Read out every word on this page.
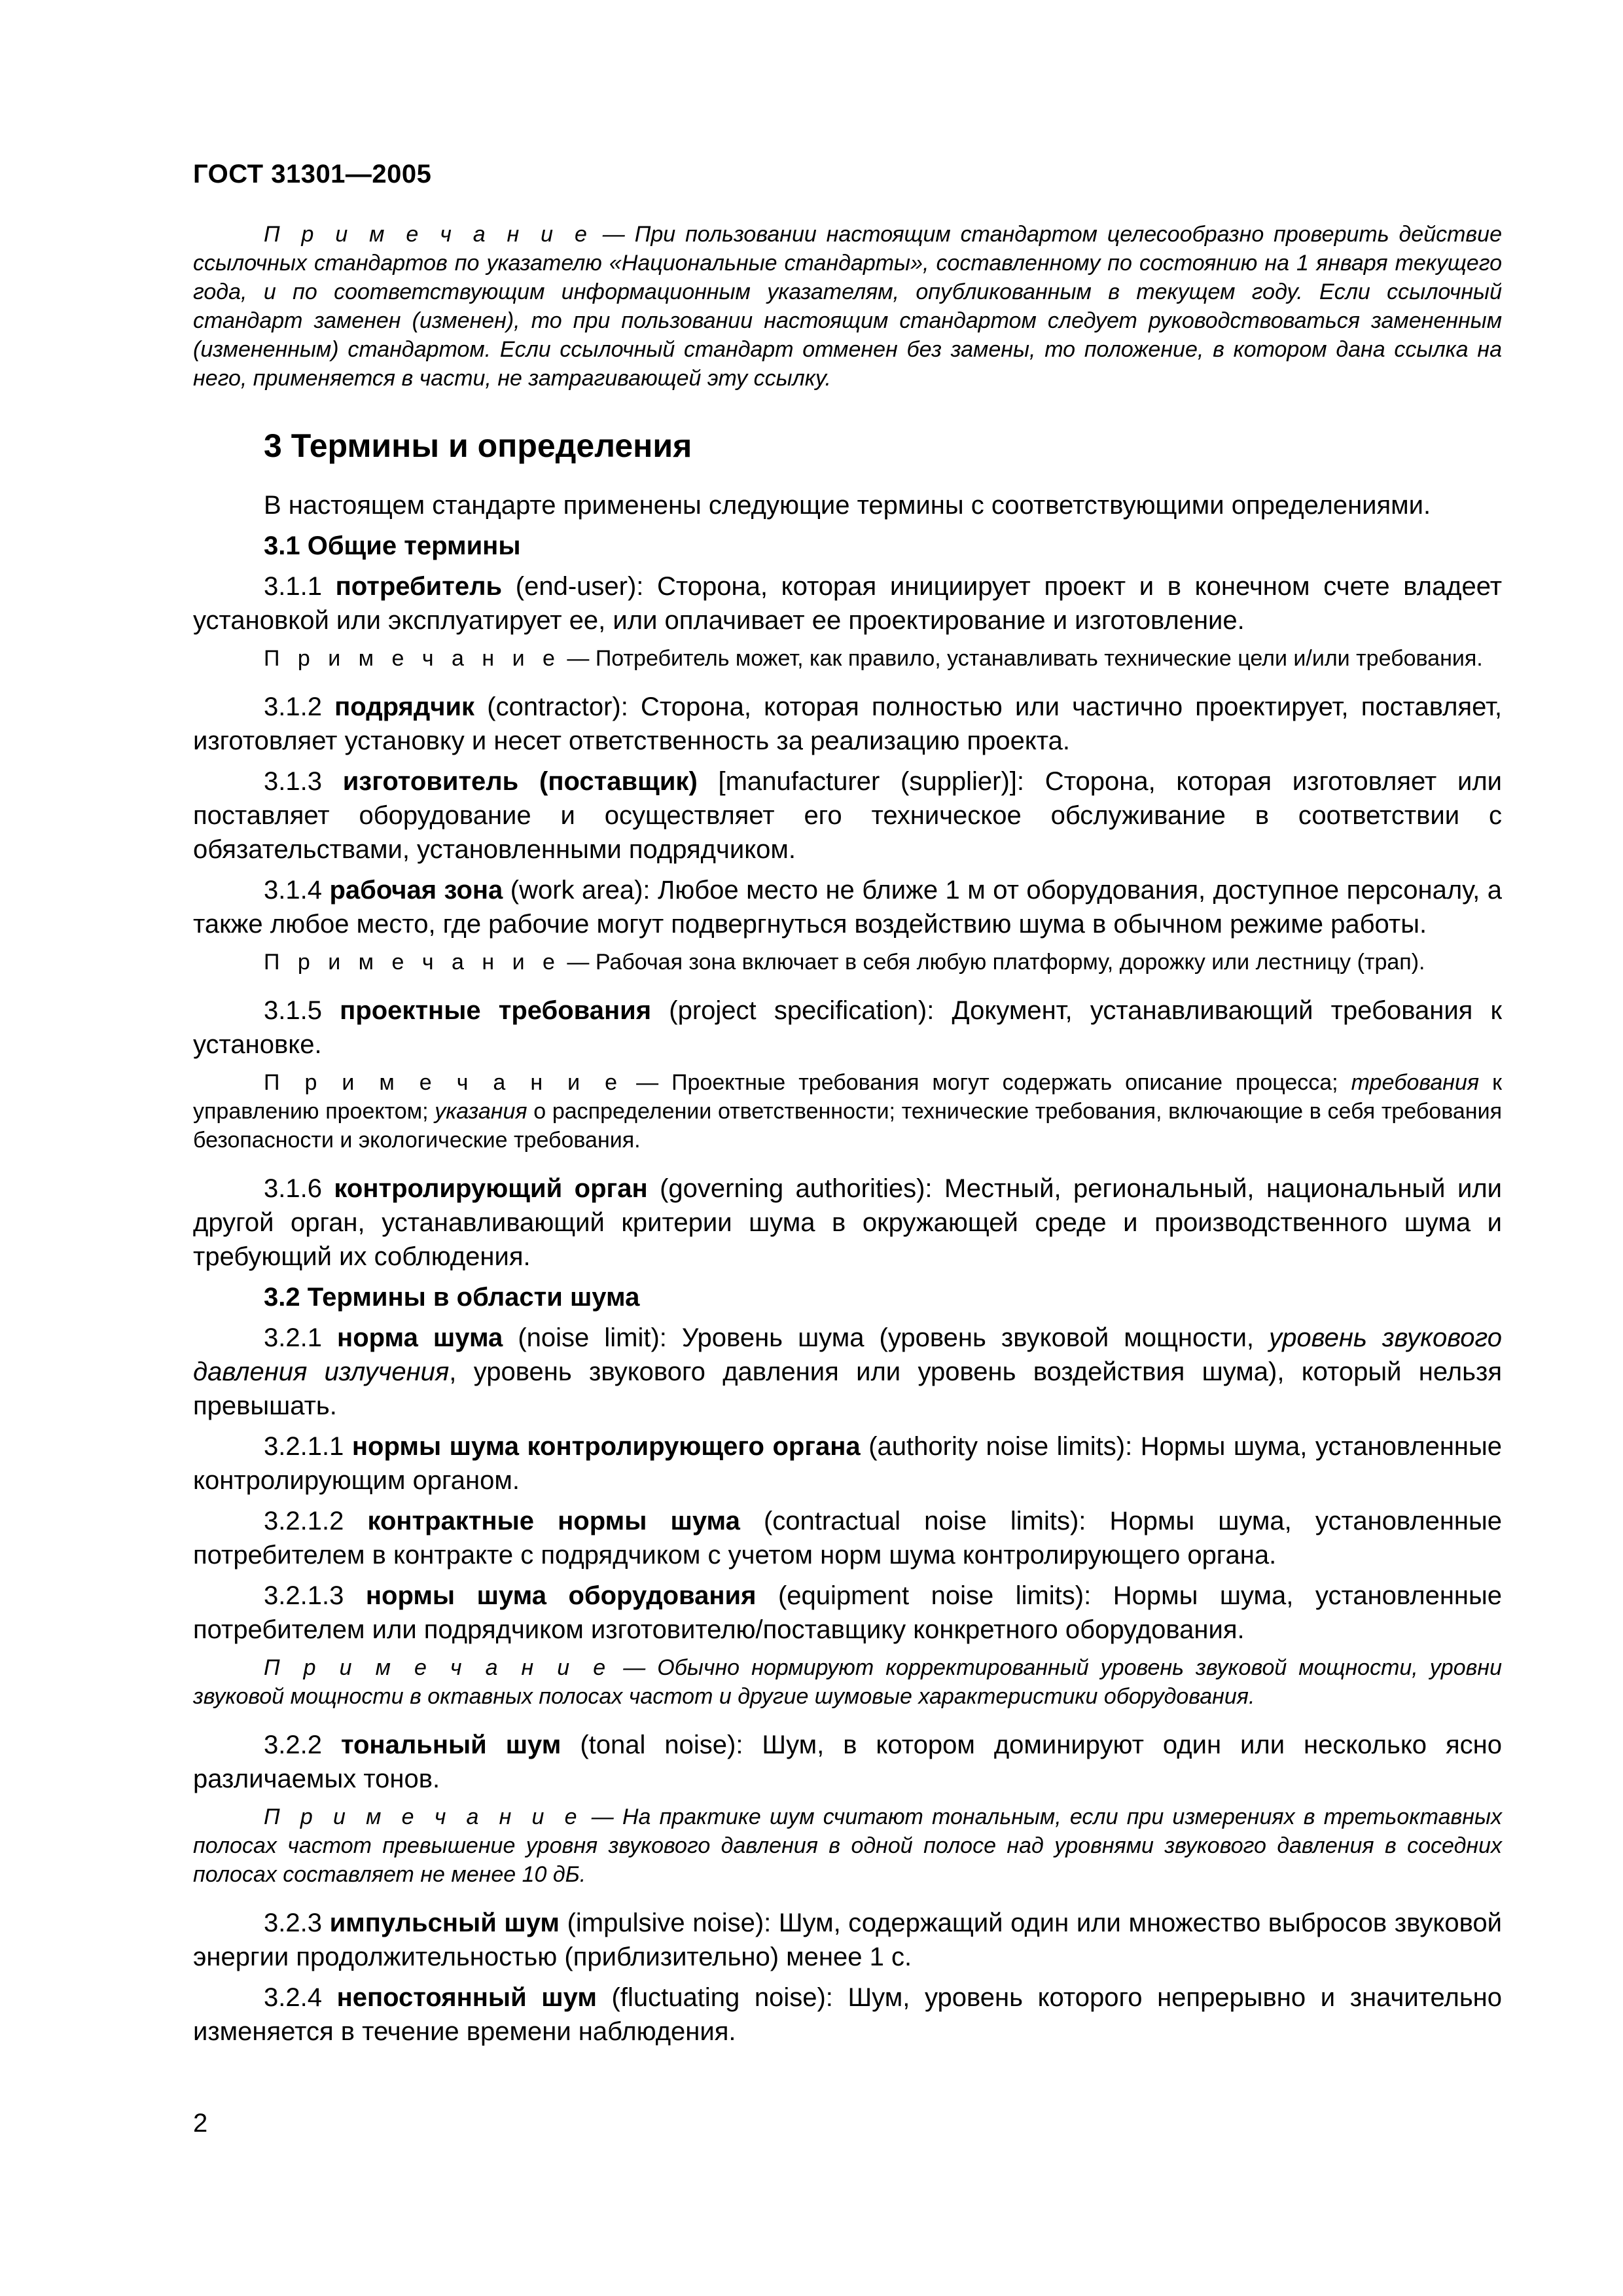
ГОСТ 31301—2005

П р и м е ч а н и е — При пользовании настоящим стандартом целесообразно проверить действие ссылочных стандартов по указателю «Национальные стандарты», составленному по состоянию на 1 января текущего года, и по соответствующим информационным указателям, опубликованным в текущем году. Если ссылочный стандарт заменен (изменен), то при пользовании настоящим стандартом следует руководствоваться замененным (измененным) стандартом. Если ссылочный стандарт отменен без замены, то положение, в котором дана ссылка на него, применяется в части, не затрагивающей эту ссылку.

3 Термины и определения

В настоящем стандарте применены следующие термины с соответствующими определениями.

3.1 Общие термины

3.1.1 потребитель (end-user): Сторона, которая инициирует проект и в конечном счете владеет установкой или эксплуатирует ее, или оплачивает ее проектирование и изготовление.

П р и м е ч а н и е — Потребитель может, как правило, устанавливать технические цели и/или требования.

3.1.2 подрядчик (contractor): Сторона, которая полностью или частично проектирует, поставляет, изготовляет установку и несет ответственность за реализацию проекта.

3.1.3 изготовитель (поставщик) [manufacturer (supplier)]: Сторона, которая изготовляет или поставляет оборудование и осуществляет его техническое обслуживание в соответствии с обязательствами, установленными подрядчиком.

3.1.4 рабочая зона (work area): Любое место не ближе 1 м от оборудования, доступное персоналу, а также любое место, где рабочие могут подвергнуться воздействию шума в обычном режиме работы.

П р и м е ч а н и е — Рабочая зона включает в себя любую платформу, дорожку или лестницу (трап).

3.1.5 проектные требования (project specification): Документ, устанавливающий требования к установке.

П р и м е ч а н и е — Проектные требования могут содержать описание процесса; требования к управлению проектом; указания о распределении ответственности; технические требования, включающие в себя требования безопасности и экологические требования.

3.1.6 контролирующий орган (governing authorities): Местный, региональный, национальный или другой орган, устанавливающий критерии шума в окружающей среде и производственного шума и требующий их соблюдения.

3.2 Термины в области шума

3.2.1 норма шума (noise limit): Уровень шума (уровень звуковой мощности, уровень звукового давления излучения, уровень звукового давления или уровень воздействия шума), который нельзя превышать.

3.2.1.1 нормы шума контролирующего органа (authority noise limits): Нормы шума, установленные контролирующим органом.

3.2.1.2 контрактные нормы шума (contractual noise limits): Нормы шума, установленные потребителем в контракте с подрядчиком с учетом норм шума контролирующего органа.

3.2.1.3 нормы шума оборудования (equipment noise limits): Нормы шума, установленные потребителем или подрядчиком изготовителю/поставщику конкретного оборудования.

П р и м е ч а н и е — Обычно нормируют корректированный уровень звуковой мощности, уровни звуковой мощности в октавных полосах частот и другие шумовые характеристики оборудования.

3.2.2 тональный шум (tonal noise): Шум, в котором доминируют один или несколько ясно различаемых тонов.

П р и м е ч а н и е — На практике шум считают тональным, если при измерениях в третьоктавных полосах частот превышение уровня звукового давления в одной полосе над уровнями звукового давления в соседних полосах составляет не менее 10 дБ.

3.2.3 импульсный шум (impulsive noise): Шум, содержащий один или множество выбросов звуковой энергии продолжительностью (приблизительно) менее 1 с.

3.2.4 непостоянный шум (fluctuating noise): Шум, уровень которого непрерывно и значительно изменяется в течение времени наблюдения.

2
